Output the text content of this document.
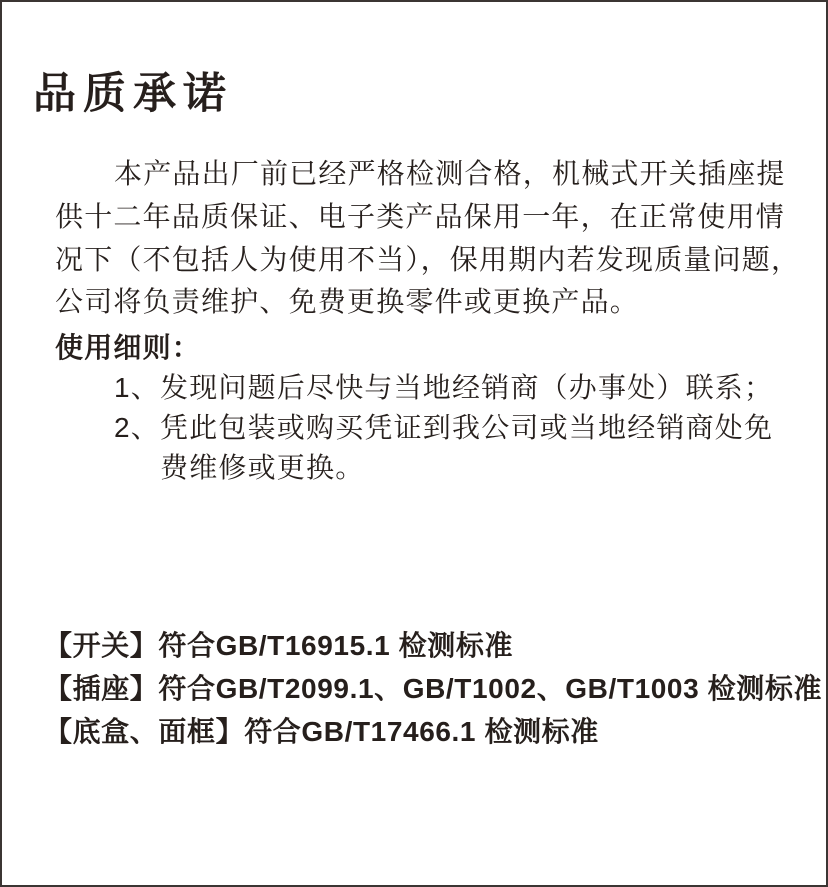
品质承诺
本产品出厂前已经严格检测合格，机械式开关插座提
供十二年品质保证、电子类产品保用一年，在正常使用情
况下（不包括人为使用不当），保用期内若发现质量问题，
公司将负责维护、免费更换零件或更换产品。
使用细则：
1、 发现问题后尽快与当地经销商（办事处）联系；
2、 凭此包装或购买凭证到我公司或当地经销商处免
费维修或更换。
【开关】符合GB/T16915.1 检测标准
【插座】符合GB/T2099.1、GB/T1002、GB/T1003 检测标准
【底盒、面框】符合GB/T17466.1 检测标准
